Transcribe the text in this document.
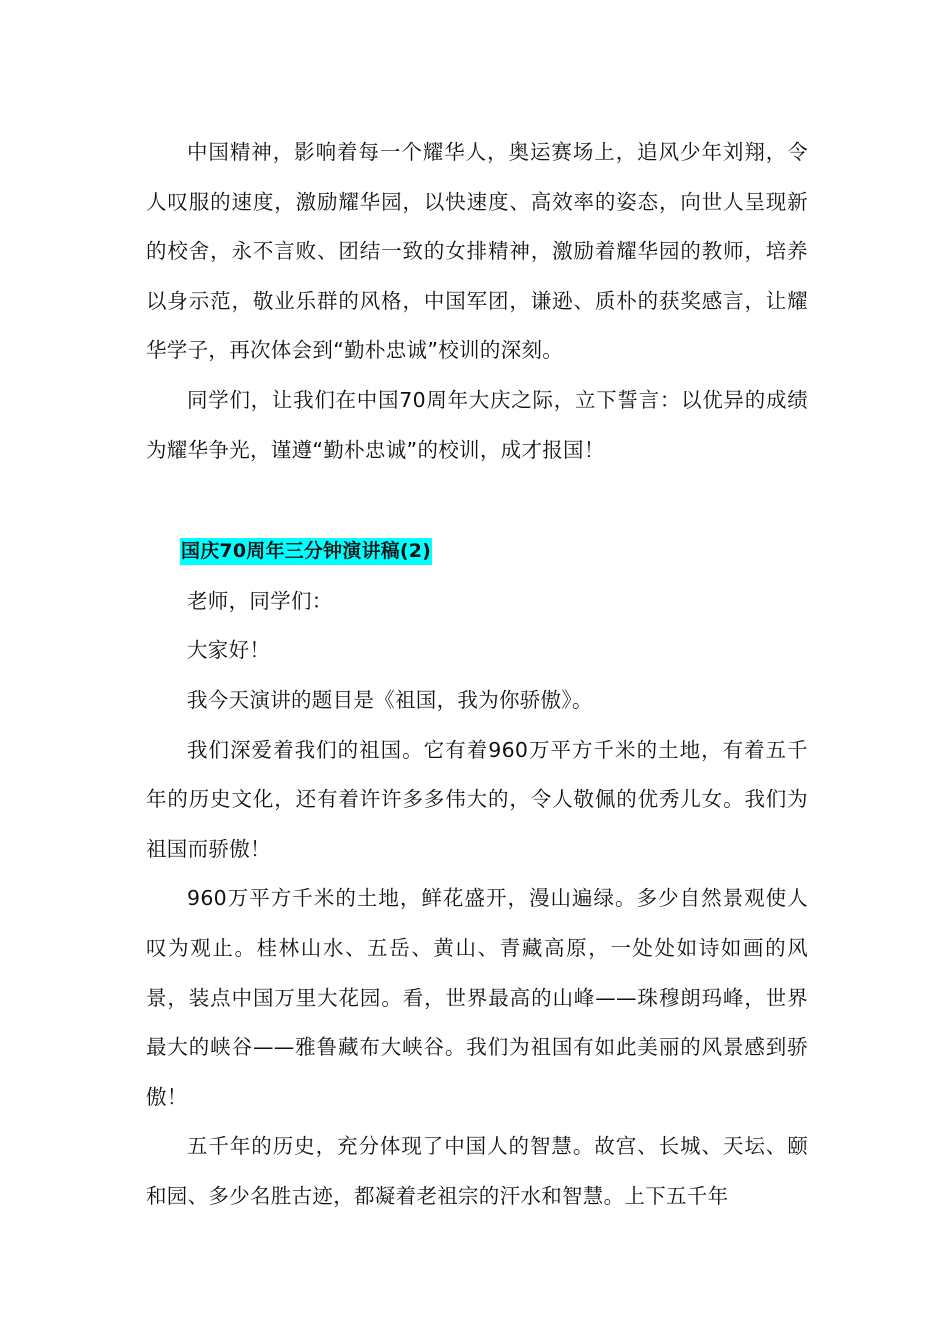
中国精神，影响着每一个耀华人，奥运赛场上，追风少年刘翔，令人叹服的速度，激励耀华园，以快速度、高效率的姿态，向世人呈现新的校舍，永不言败、团结一致的女排精神，激励着耀华园的教师，培养以身示范，敬业乐群的风格，中国军团，谦逊、质朴的获奖感言，让耀华学子，再次体会到“勤朴忠诚”校训的深刻。

同学们，让我们在中国70周年大庆之际，立下誓言：以优异的成绩为耀华争光，谨遵“勤朴忠诚”的校训，成才报国！

国庆70周年三分钟演讲稿(2)

老师，同学们：

大家好！

我今天演讲的题目是《祖国，我为你骄傲》。

我们深爱着我们的祖国。它有着960万平方千米的土地，有着五千年的历史文化，还有着许许多多伟大的，令人敬佩的优秀儿女。我们为祖国而骄傲！

960万平方千米的土地，鲜花盛开，漫山遍绿。多少自然景观使人叹为观止。桂林山水、五岳、黄山、青藏高原，一处处如诗如画的风景，装点中国万里大花园。看，世界最高的山峰——珠穆朗玛峰，世界最大的峡谷——雅鲁藏布大峡谷。我们为祖国有如此美丽的风景感到骄傲！

五千年的历史，充分体现了中国人的智慧。故宫、长城、天坛、颐和园、多少名胜古迹，都凝着老祖宗的汗水和智慧。上下五千年
